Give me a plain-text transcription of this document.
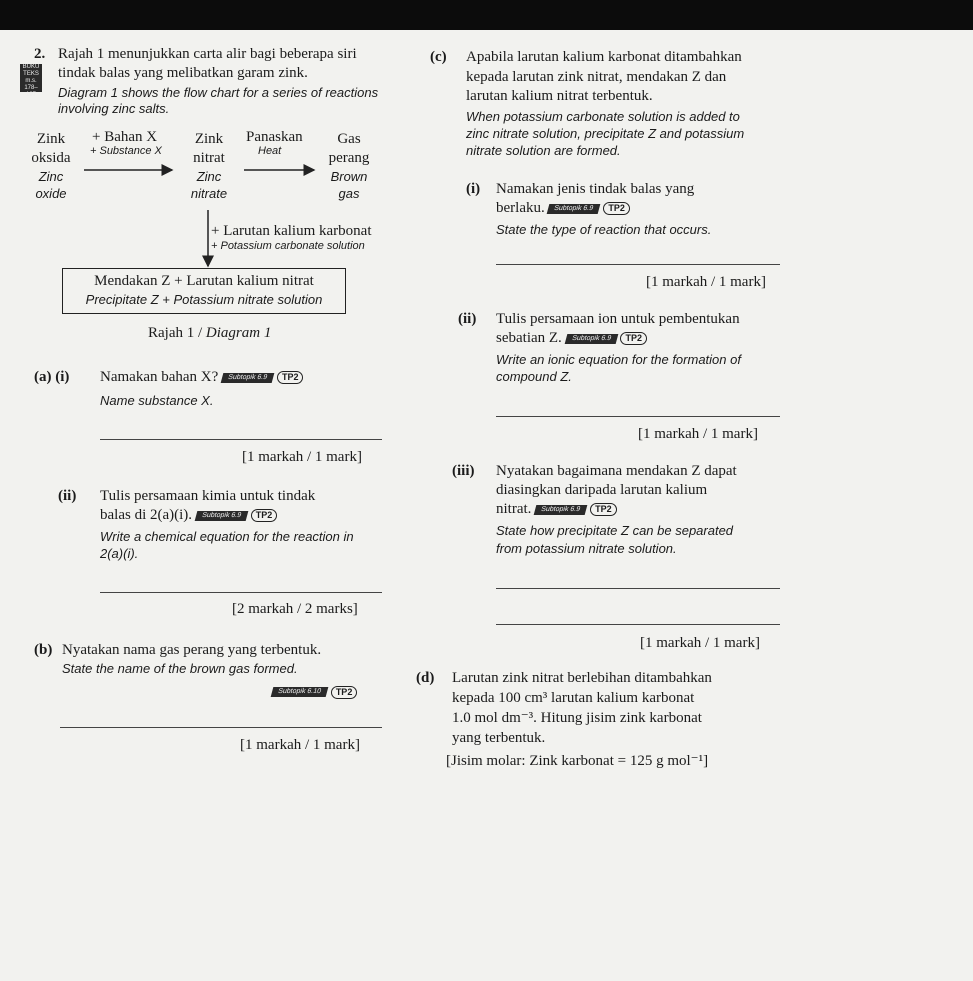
2. Rajah 1 menunjukkan carta alir bagi beberapa siri
BUKU TEKS
m.s.
178–197
tindak balas yang melibatkan garam zink.
Diagram 1 shows the flow chart for a series of reactions
involving zinc salts.
Zink
oksida
Zinc
oxide
+ Bahan X
+ Substance X
Zink
nitrat
Zinc
nitrate
Panaskan
Heat
Gas
perang
Brown
gas
+ Larutan kalium karbonat
+ Potassium carbonate solution
Mendakan Z + Larutan kalium nitrat
Precipitate Z + Potassium nitrate solution
Rajah 1 / Diagram 1
(a) (i) Namakan bahan X? Subtopik 6.9 TP2
Name substance X.
[1 markah / 1 mark]
(ii) Tulis persamaan kimia untuk tindak
balas di 2(a)(i). Subtopik 6.9 TP2
Write a chemical equation for the reaction in
2(a)(i).
[2 markah / 2 marks]
(b) Nyatakan nama gas perang yang terbentuk.
State the name of the brown gas formed.
Subtopik 6.10 TP2
[1 markah / 1 mark]
(c) Apabila larutan kalium karbonat ditambahkan
kepada larutan zink nitrat, mendakan Z dan
larutan kalium nitrat terbentuk.
When potassium carbonate solution is added to
zinc nitrate solution, precipitate Z and potassium
nitrate solution are formed.
(i) Namakan jenis tindak balas yang
berlaku. Subtopik 6.9 TP2
State the type of reaction that occurs.
[1 markah / 1 mark]
(ii) Tulis persamaan ion untuk pembentukan
sebatian Z. Subtopik 6.9 TP2
Write an ionic equation for the formation of
compound Z.
[1 markah / 1 mark]
(iii) Nyatakan bagaimana mendakan Z dapat
diasingkan daripada larutan kalium
nitrat. Subtopik 6.9 TP2
State how precipitate Z can be separated
from potassium nitrate solution.
[1 markah / 1 mark]
(d) Larutan zink nitrat berlebihan ditambahkan
kepada 100 cm³ larutan kalium karbonat
1.0 mol dm⁻³. Hitung jisim zink karbonat
yang terbentuk.
[Jisim molar: Zink karbonat = 125 g mol⁻¹]
